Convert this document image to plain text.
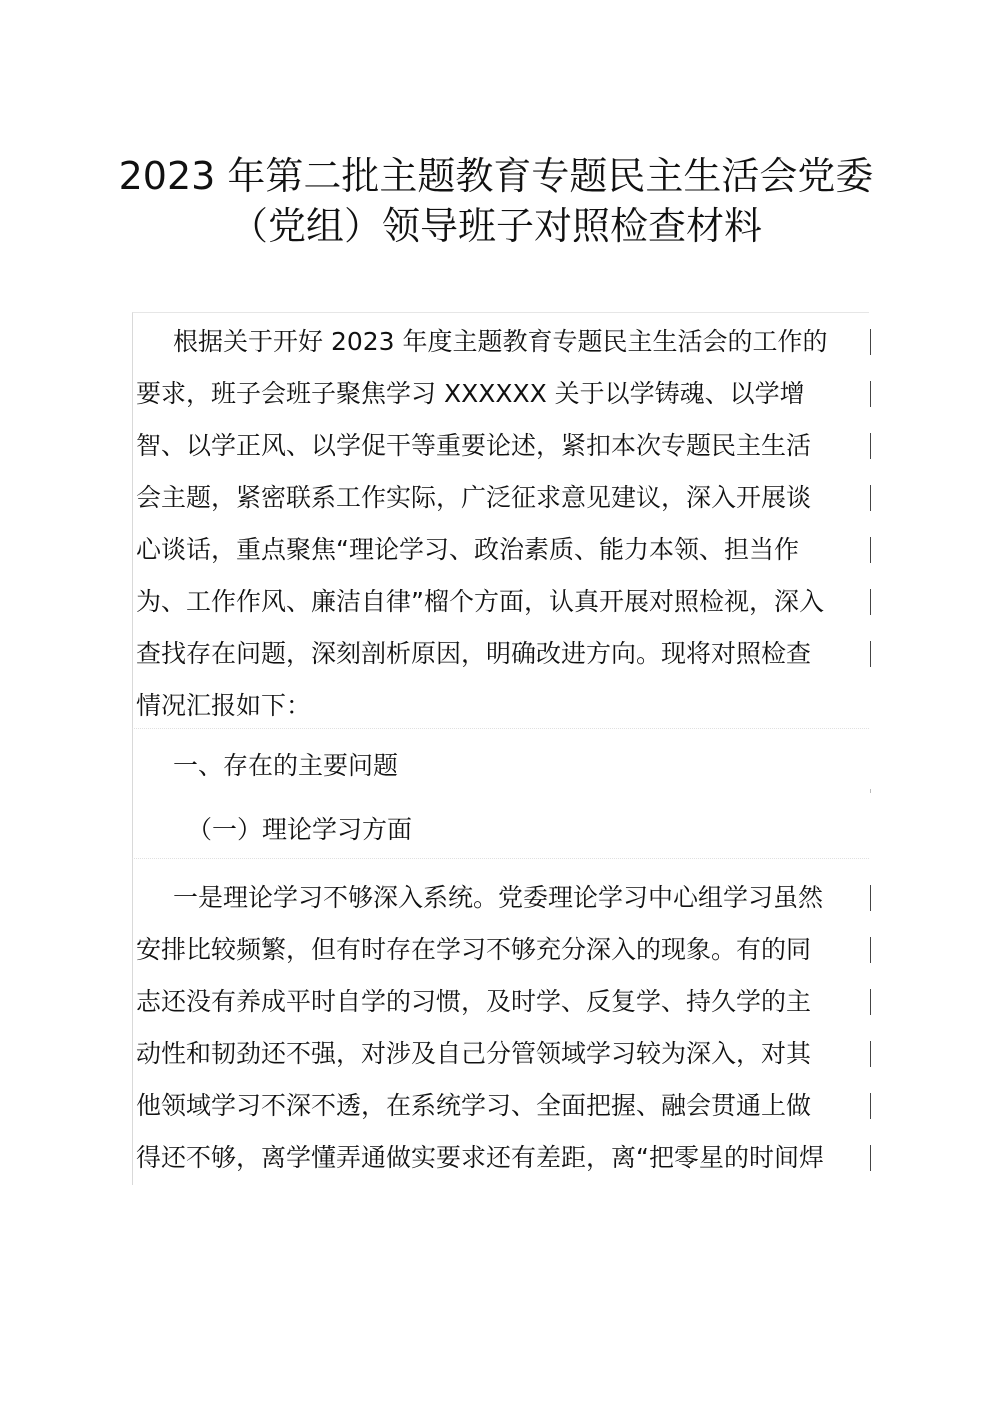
2023 年第二批主题教育专题民主生活会党委
（党组）领导班子对照检查材料
根据关于开好 2023 年度主题教育专题民主生活会的工作的
要求，班子会班子聚焦学习 XXXXXX 关于以学铸魂、以学增
智、以学正风、以学促干等重要论述，紧扣本次专题民主生活
会主题，紧密联系工作实际，广泛征求意见建议，深入开展谈
心谈话，重点聚焦“理论学习、政治素质、能力本领、担当作
为、工作作风、廉洁自律”榴个方面，认真开展对照检视，深入
查找存在问题，深刻剖析原因，明确改进方向。现将对照检查
情况汇报如下：
一、存在的主要问题
（一）理论学习方面
一是理论学习不够深入系统。党委理论学习中心组学习虽然
安排比较频繁，但有时存在学习不够充分深入的现象。有的同
志还没有养成平时自学的习惯，及时学、反复学、持久学的主
动性和韧劲还不强，对涉及自己分管领域学习较为深入，对其
他领域学习不深不透，在系统学习、全面把握、融会贯通上做
得还不够，离学懂弄通做实要求还有差距，离“把零星的时间焊
